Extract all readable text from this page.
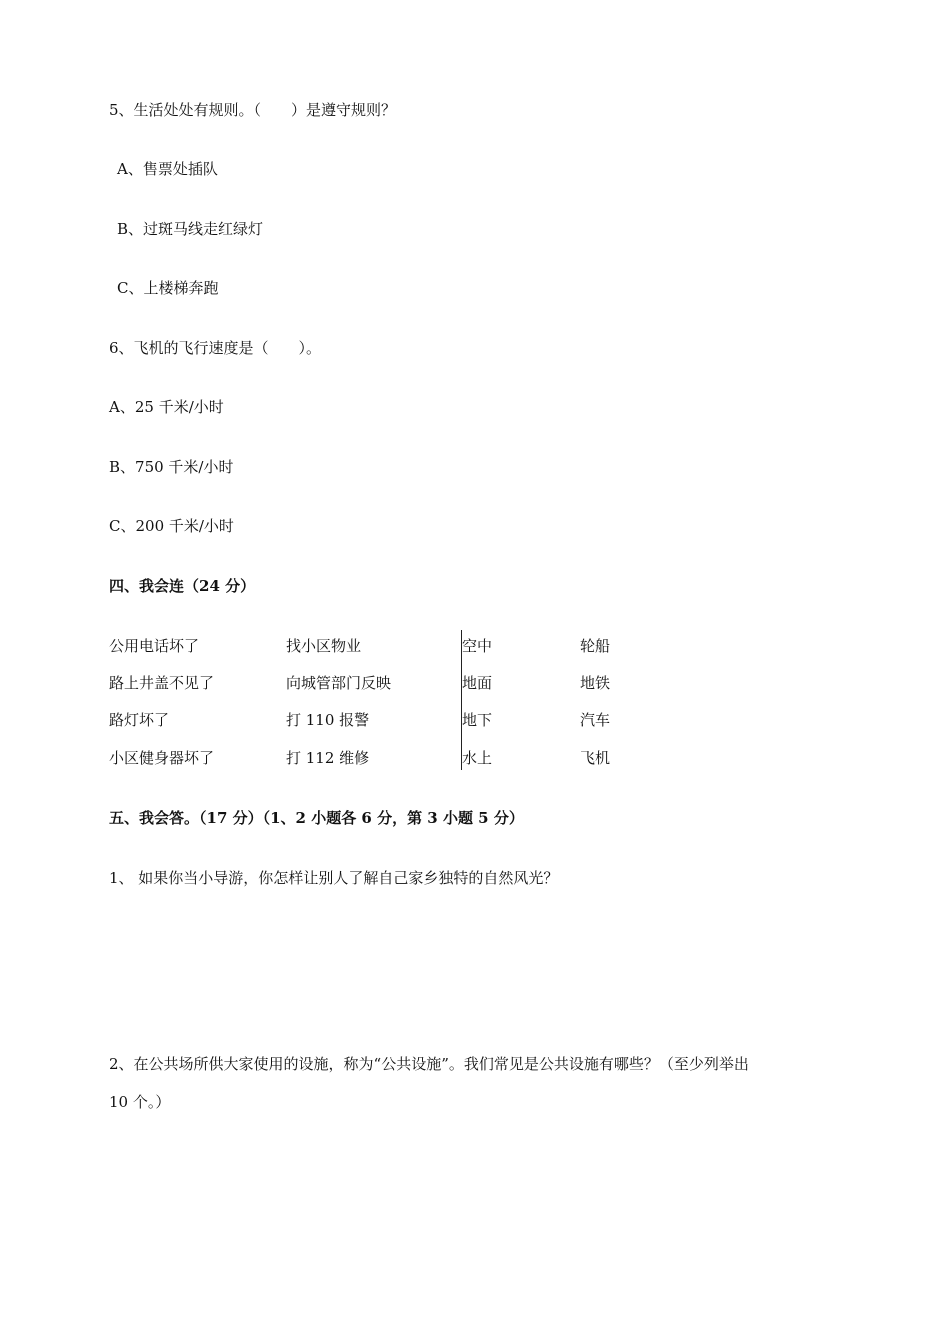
5、生活处处有规则。（　　）是遵守规则？
A、售票处插队
B、过斑马线走红绿灯
C、上楼梯奔跑
6、飞机的飞行速度是（　　）。
A、25 千米/小时
B、750 千米/小时
C、200 千米/小时
四、我会连（24 分）
公用电话坏了	找小区物业	空中	轮船
路上井盖不见了	向城管部门反映	地面	地铁
路灯坏了	打 110 报警	地下	汽车
小区健身器坏了	打 112 维修	水上	飞机
五、我会答。（17 分）（1、2 小题各 6 分，第 3 小题 5 分）
1、 如果你当小导游，你怎样让别人了解自己家乡独特的自然风光？
2、在公共场所供大家使用的设施，称为“公共设施”。我们常见是公共设施有哪些？（至少列举出
10 个。）
